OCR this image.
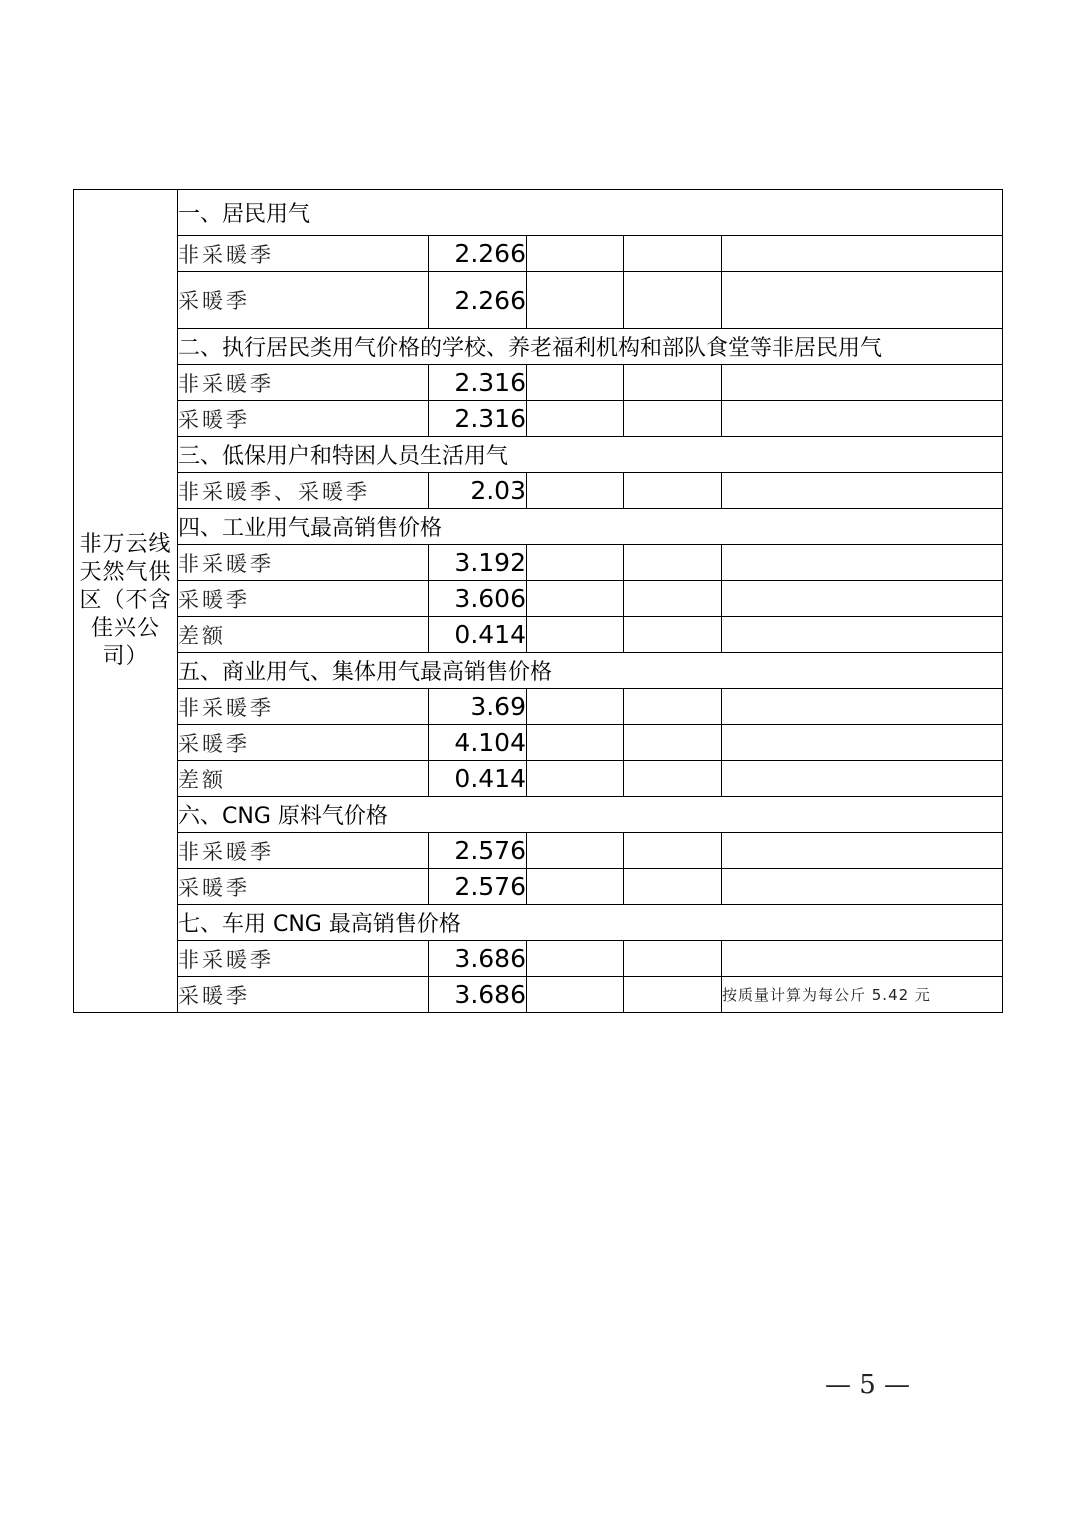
非万云线天然气供区（不含佳兴公司）	一、居民用气				
	非采暖季	2.266			
	采暖季	2.266			
	二、执行居民类用气价格的学校、养老福利机构和部队食堂等非居民用气				
	非采暖季	2.316			
	采暖季	2.316			
	三、低保用户和特困人员生活用气				
	非采暖季、采暖季	2.03			
	四、工业用气最高销售价格				
	非采暖季	3.192			
	采暖季	3.606			
	差额	0.414			
	五、商业用气、集体用气最高销售价格				
	非采暖季	3.69			
	采暖季	4.104			
	差额	0.414			
	六、CNG 原料气价格				
	非采暖季	2.576			
	采暖季	2.576			
	七、车用 CNG 最高销售价格				
	非采暖季	3.686			
	采暖季	3.686			按质量计算为每公斤 5.42 元
— 5 —
